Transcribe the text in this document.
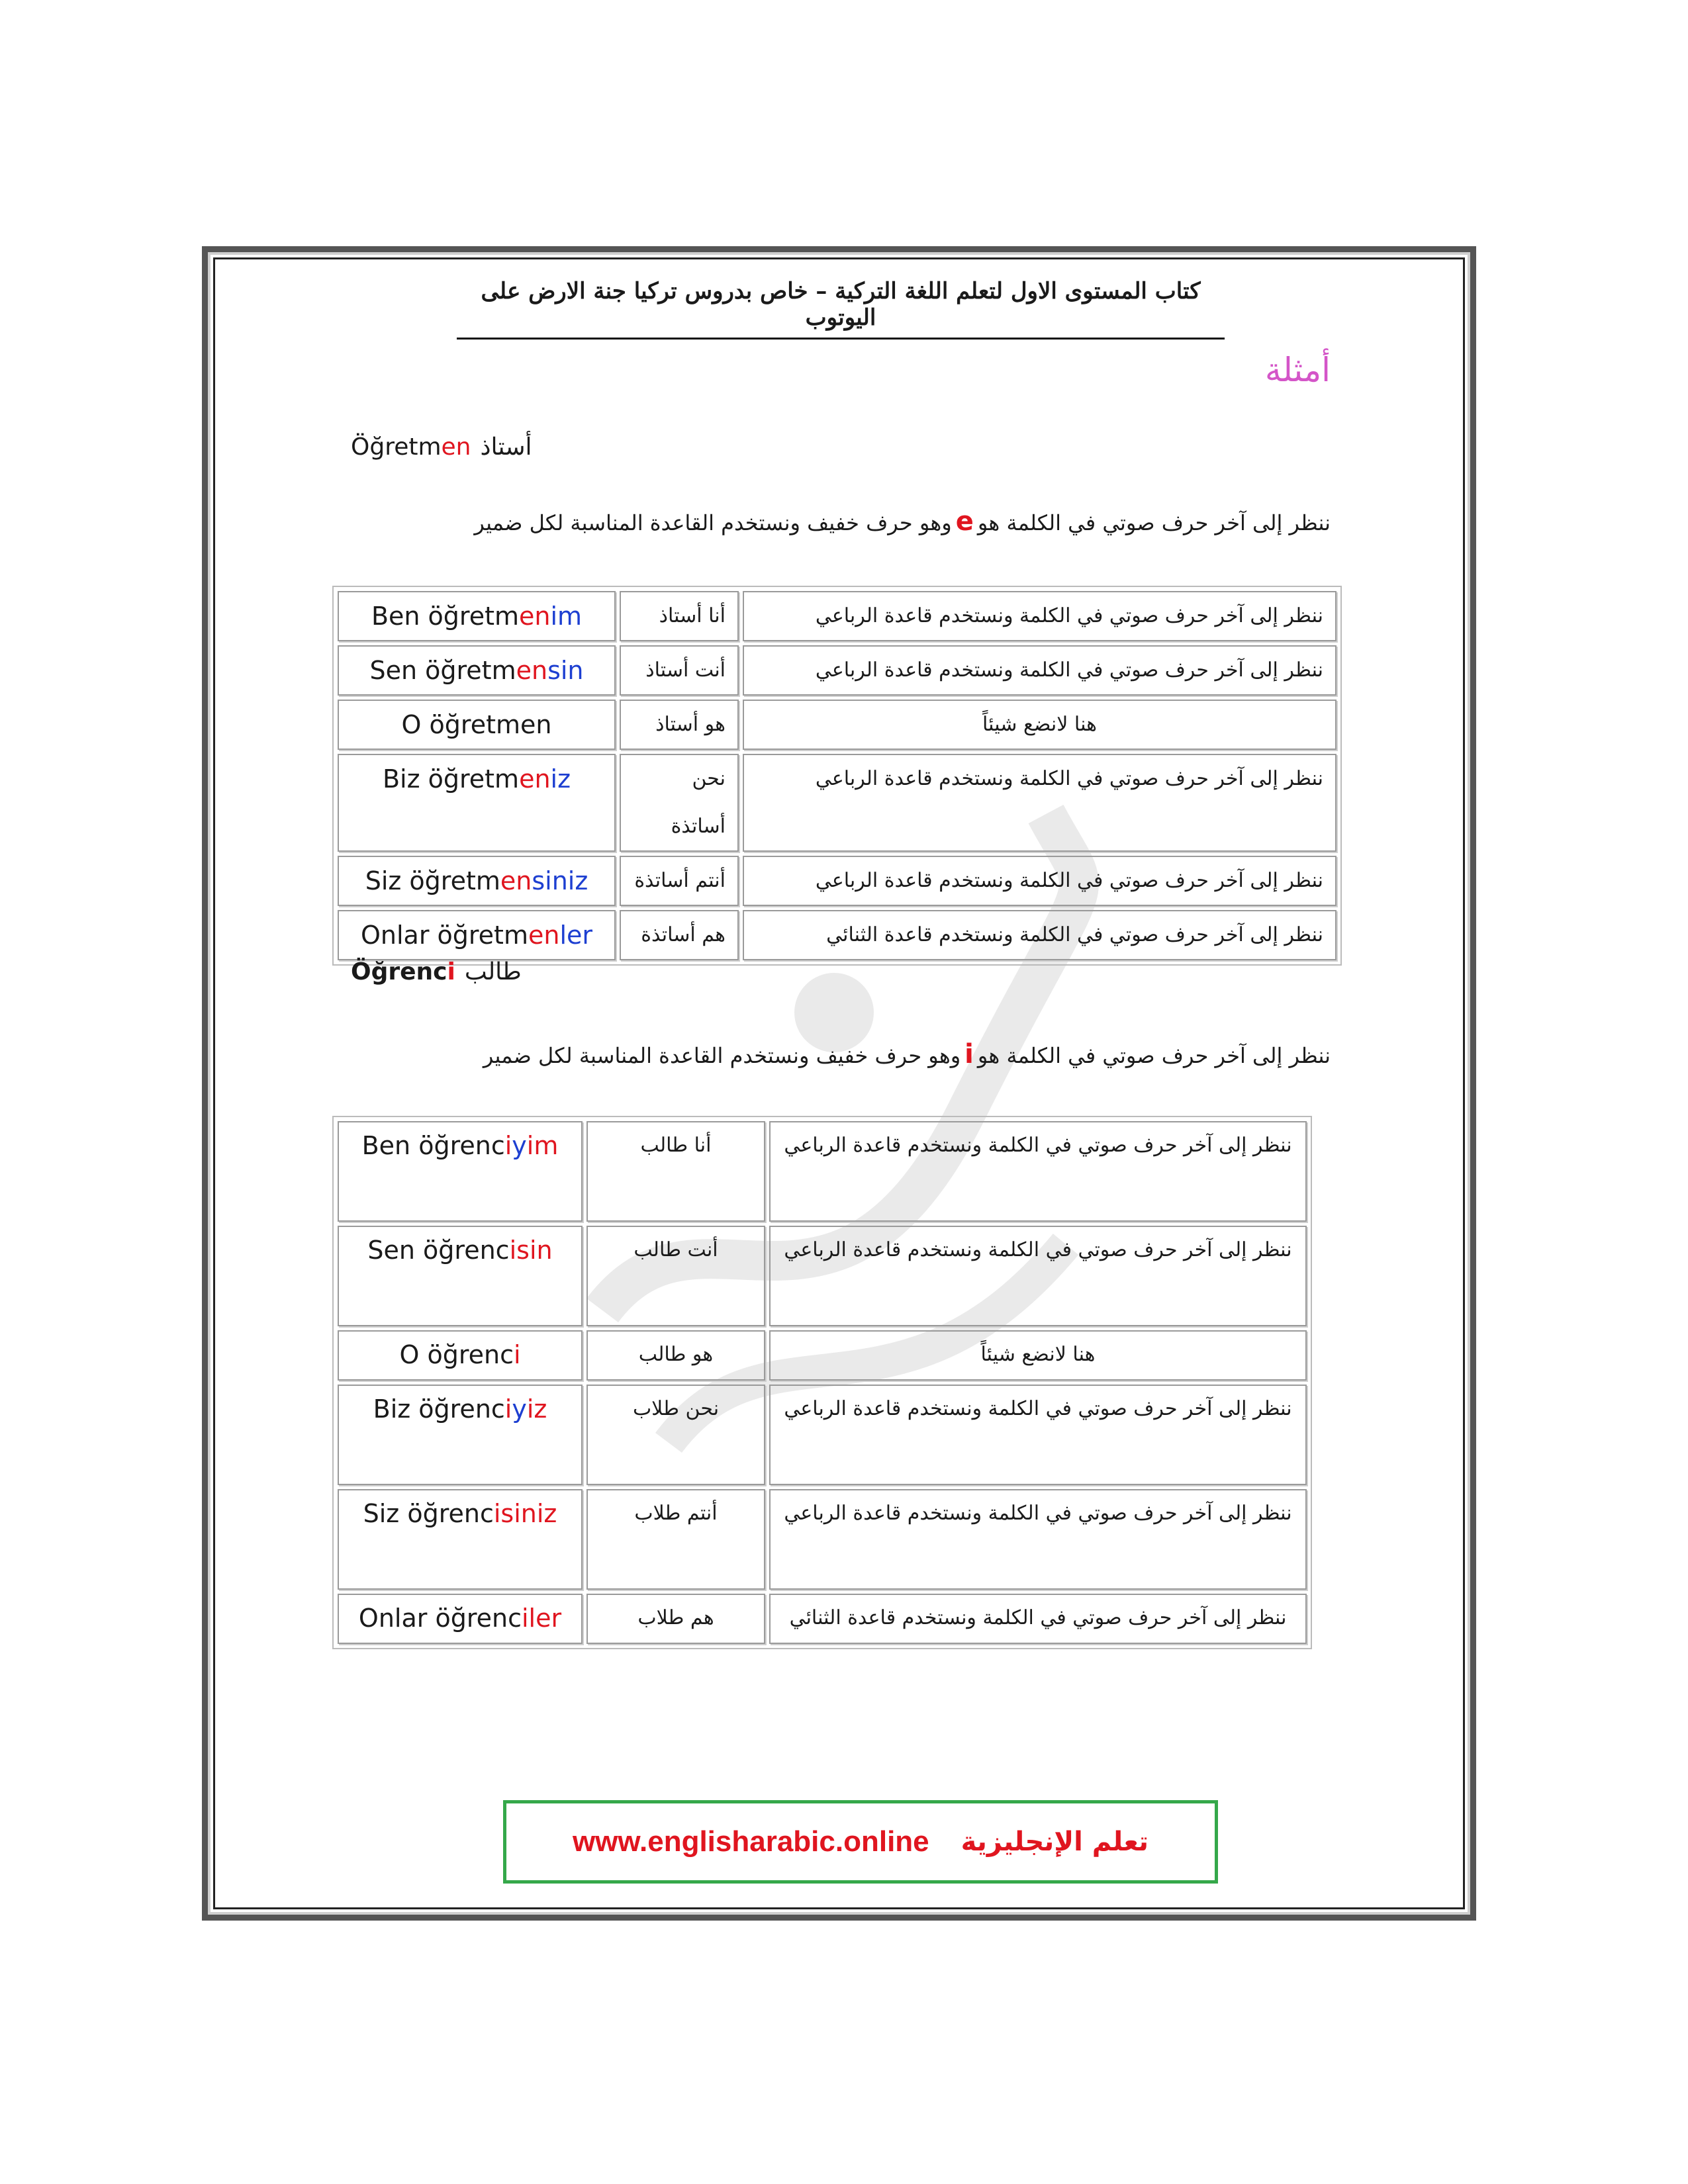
كتاب المستوى الاول لتعلم اللغة التركية – خاص بدروس تركيا جنة الارض على اليوتوب
أمثلة
Öğretmen أستاذ
ننظر إلى آخر حرف صوتي في الكلمة هوeوهو حرف خفيف ونستخدم القاعدة المناسبة لكل ضمير
Ben öğretmenim	أنا أستاذ	ننظر إلى آخر حرف صوتي في الكلمة ونستخدم قاعدة الرباعي
Sen öğretmensin	أنت أستاذ	ننظر إلى آخر حرف صوتي في الكلمة ونستخدم قاعدة الرباعي
O öğretmen	هو أستاذ	هنا لانضع شيئاً
Biz öğretmeniz	نحن أساتذة	ننظر إلى آخر حرف صوتي في الكلمة ونستخدم قاعدة الرباعي
Siz öğretmensiniz	أنتم أساتذة	ننظر إلى آخر حرف صوتي في الكلمة ونستخدم قاعدة الرباعي
Onlar öğretmenler	هم أساتذة	ننظر إلى آخر حرف صوتي في الكلمة ونستخدم قاعدة الثنائي
Öğrenci طالب
ننظر إلى آخر حرف صوتي في الكلمة هوiوهو حرف خفيف ونستخدم القاعدة المناسبة لكل ضمير
Ben öğrenciyim	أنا طالب	ننظر إلى آخر حرف صوتي في الكلمة ونستخدم قاعدة الرباعي
Sen öğrencisin	أنت طالب	ننظر إلى آخر حرف صوتي في الكلمة ونستخدم قاعدة الرباعي
O öğrenci	هو طالب	هنا لانضع شيئاً
Biz öğrenciyiz	نحن طلاب	ننظر إلى آخر حرف صوتي في الكلمة ونستخدم قاعدة الرباعي
Siz öğrencisiniz	أنتم طلاب	ننظر إلى آخر حرف صوتي في الكلمة ونستخدم قاعدة الرباعي
Onlar öğrenciler	هم طلاب	ننظر إلى آخر حرف صوتي في الكلمة ونستخدم قاعدة الثنائي
www.englisharabic.online تعلم الإنجليزية
